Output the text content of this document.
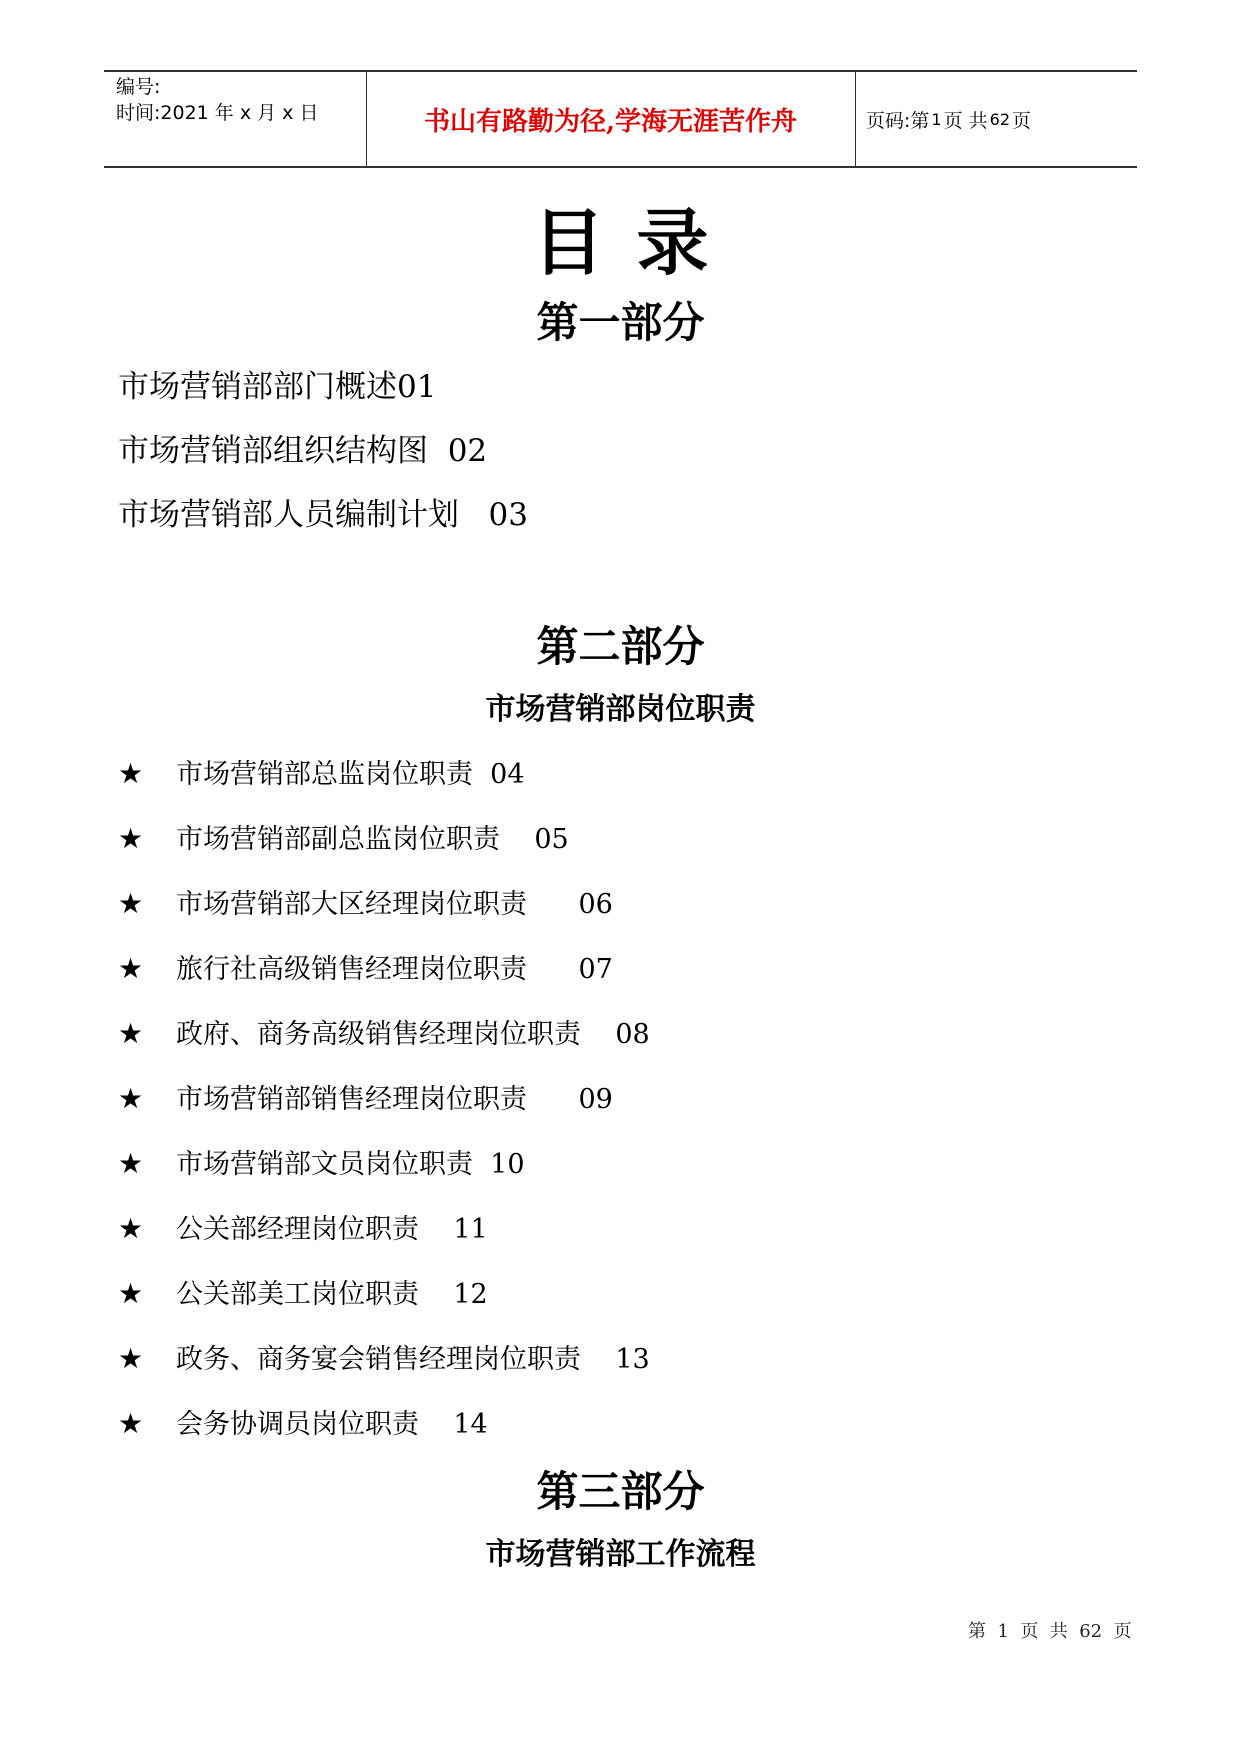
编号:
时间:2021 年 x 月 x 日	书山有路勤为径,学海无涯苦作舟	页码:第 1 页 共 62 页
目录
第一部分
市场营销部部门概述01
市场营销部组织结构图  02
市场营销部人员编制计划   03
第二部分
市场营销部岗位职责
★ 市场营销部总监岗位职责  04
★ 市场营销部副总监岗位职责    05
★ 市场营销部大区经理岗位职责      06
★ 旅行社高级销售经理岗位职责      07
★ 政府、商务高级销售经理岗位职责    08
★ 市场营销部销售经理岗位职责      09
★ 市场营销部文员岗位职责  10
★ 公关部经理岗位职责    11
★ 公关部美工岗位职责    12
★ 政务、商务宴会销售经理岗位职责    13
★ 会务协调员岗位职责    14
第三部分
市场营销部工作流程
第  1  页  共  62  页
